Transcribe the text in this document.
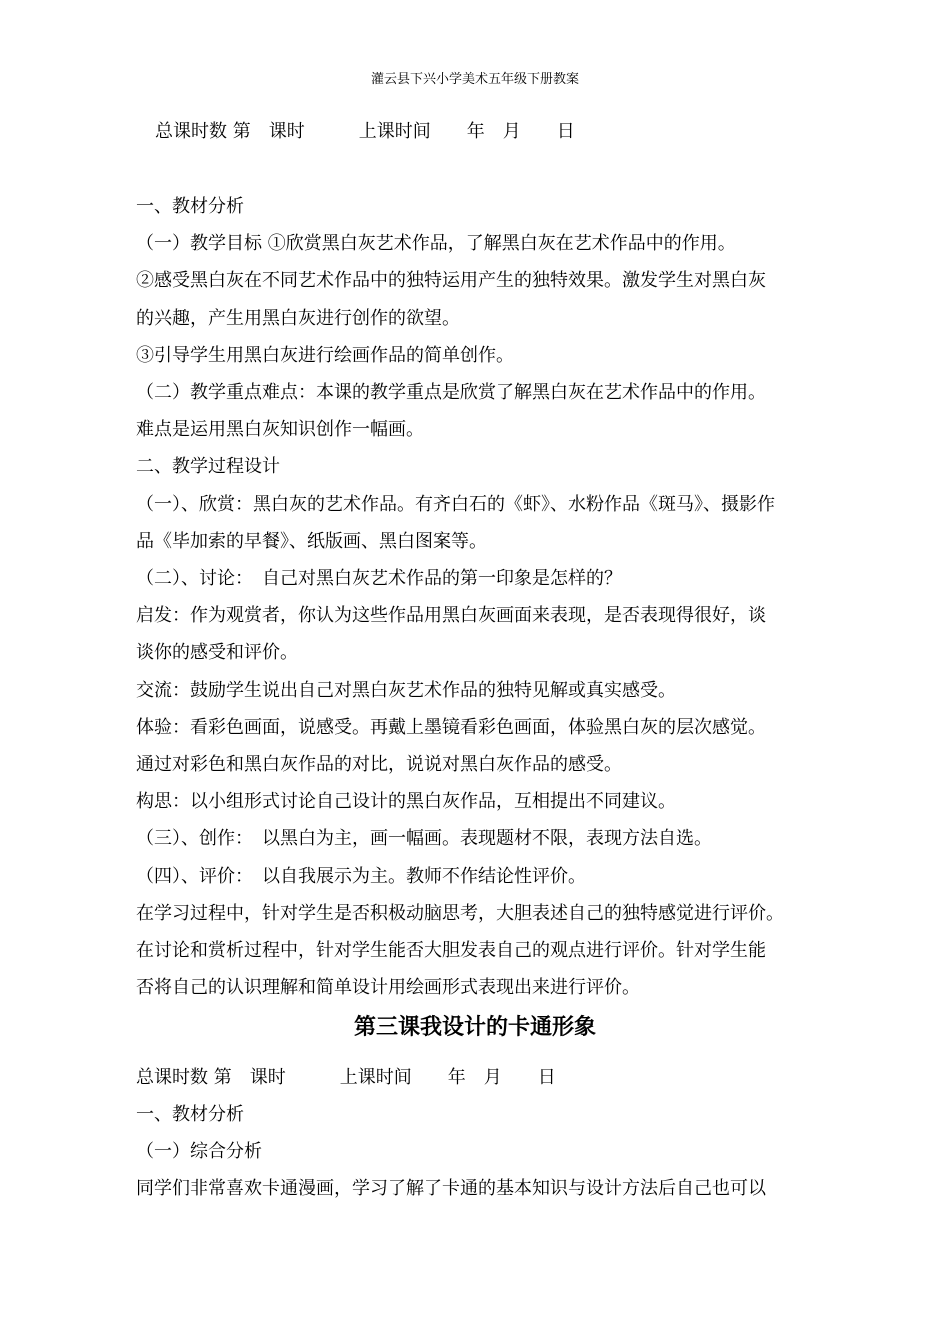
灌云县下兴小学美术五年级下册教案
总课时数 第　课时　　　上课时间　　年　月　　日
一、教材分析
（一）教学目标 ①欣赏黑白灰艺术作品，了解黑白灰在艺术作品中的作用。
②感受黑白灰在不同艺术作品中的独特运用产生的独特效果。激发学生对黑白灰
的兴趣，产生用黑白灰进行创作的欲望。
③引导学生用黑白灰进行绘画作品的简单创作。
（二）教学重点难点：本课的教学重点是欣赏了解黑白灰在艺术作品中的作用。
难点是运用黑白灰知识创作一幅画。
二、教学过程设计
（一）、欣赏：黑白灰的艺术作品。有齐白石的《虾》、水粉作品《斑马》、摄影作
品《毕加索的早餐》、纸版画、黑白图案等。
（二）、讨论：　自己对黑白灰艺术作品的第一印象是怎样的？
启发：作为观赏者，你认为这些作品用黑白灰画面来表现，是否表现得很好，谈
谈你的感受和评价。
交流：鼓励学生说出自己对黑白灰艺术作品的独特见解或真实感受。
体验：看彩色画面，说感受。再戴上墨镜看彩色画面，体验黑白灰的层次感觉。
通过对彩色和黑白灰作品的对比，说说对黑白灰作品的感受。
构思：以小组形式讨论自己设计的黑白灰作品，互相提出不同建议。
（三）、创作：　以黑白为主，画一幅画。表现题材不限，表现方法自选。
（四）、评价：　以自我展示为主。教师不作结论性评价。
在学习过程中，针对学生是否积极动脑思考，大胆表述自己的独特感觉进行评价。
在讨论和赏析过程中，针对学生能否大胆发表自己的观点进行评价。针对学生能
否将自己的认识理解和简单设计用绘画形式表现出来进行评价。
第三课我设计的卡通形象
总课时数 第　课时　　　上课时间　　年　月　　日
一、教材分析
（一）综合分析
同学们非常喜欢卡通漫画，学习了解了卡通的基本知识与设计方法后自己也可以
